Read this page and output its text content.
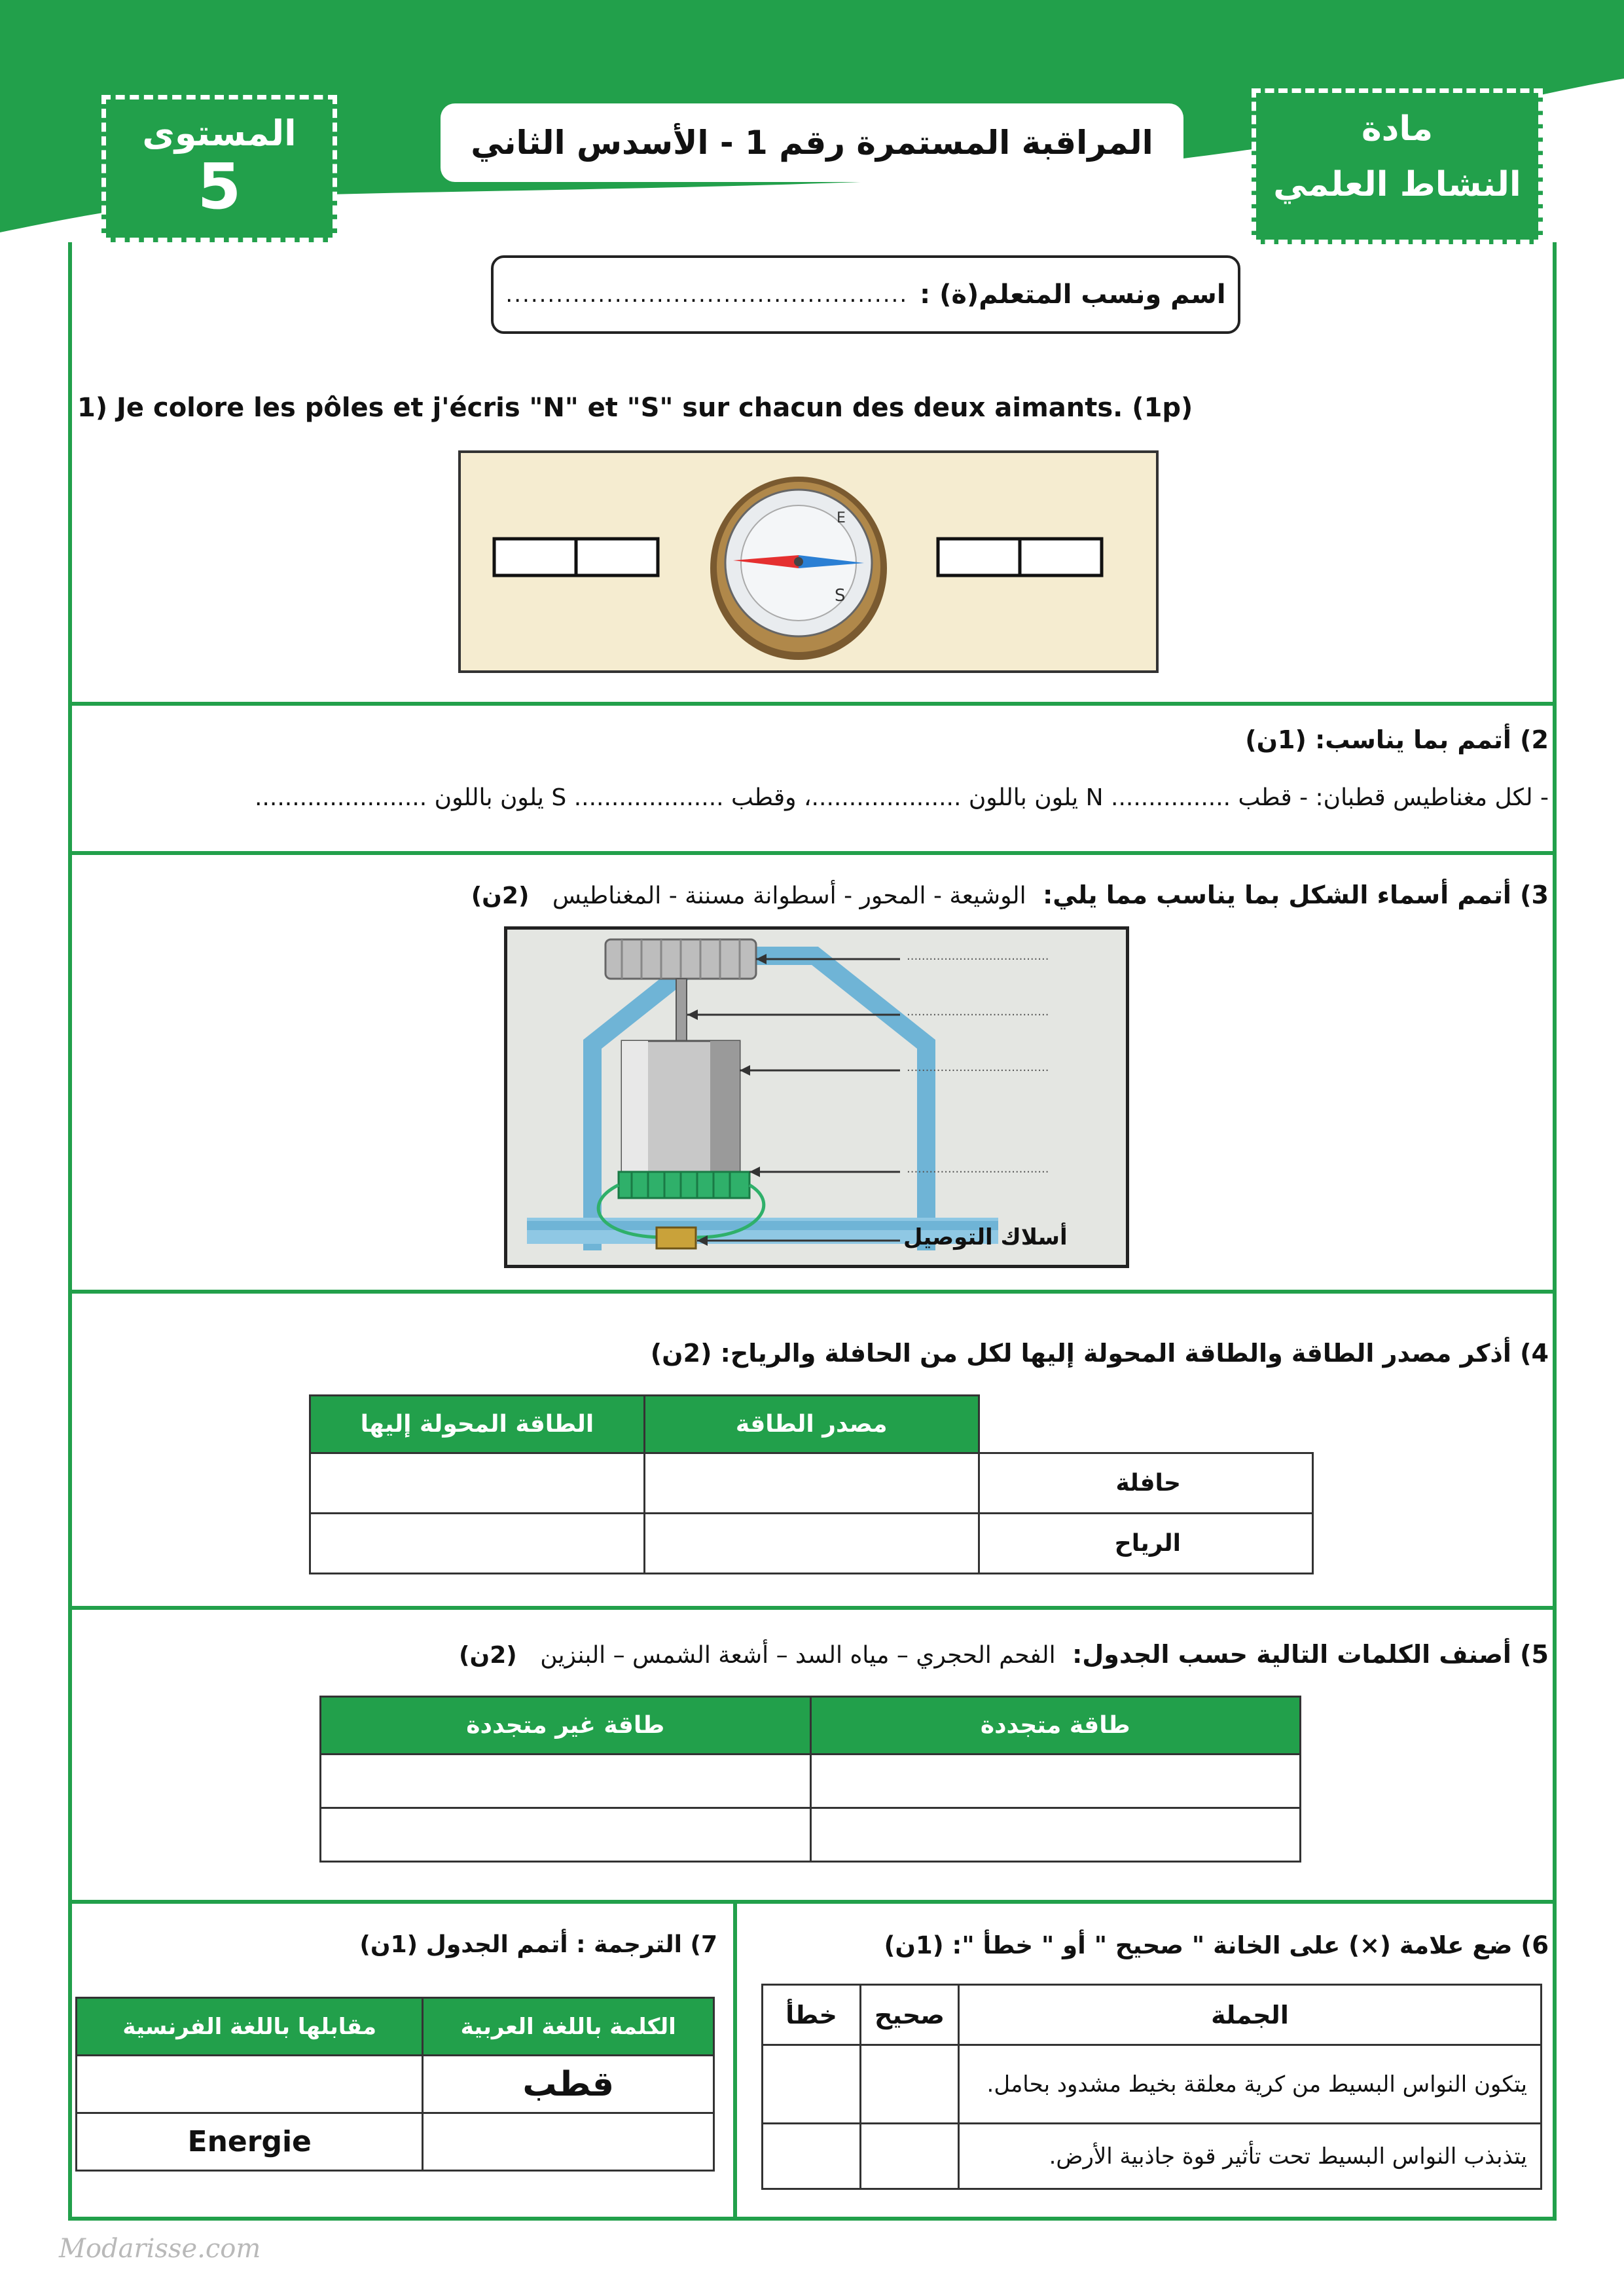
المستوى
5
المراقبة المستمرة رقم 1 - الأسدس الثاني	مادة
النشاط العلمي
اسم ونسب المتعلم(ة) :
................................................
1) Je colore les pôles et j'écris "N" et "S" sur chacun des deux aimants. (1p)
S
E
2) أتمم بما يناسب: (1ن)
- لكل مغناطيس قطبان: - قطب ................ N يلون باللون ....................، وقطب .................... S يلون باللون .......................
3) أتمم أسماء الشكل بما يناسب مما يلي: الوشيعة - المحور - أسطوانة مسننة - المغناطيس (2ن)
......................................
......................................
......................................
......................................
أسلاك التوصيل
4) أذكر مصدر الطاقة والطاقة المحولة إليها لكل من الحافلة والرياح: (2ن)
الطاقة المحولة إليها	مصدر الطاقة	
		حافلة
		الرياح
5) أصنف الكلمات التالية حسب الجدول: الفحم الحجري – مياه السد – أشعة الشمس – البنزين (2ن)
طاقة غير متجددة	طاقة متجددة

6) ضع علامة (×) على الخانة " صحيح " أو " خطأ ": (1ن)
خطأ	صحيح	الجملة
		يتكون النواس البسيط من كرية معلقة بخيط مشدود بحامل.
		يتذبذب النواس البسيط تحت تأثير قوة جاذبية الأرض.
7) الترجمة : أتمم الجدول (1ن)
مقابلها باللغة الفرنسية	الكلمة باللغة العربية
	قطب
Energie	
Modarisse.com
